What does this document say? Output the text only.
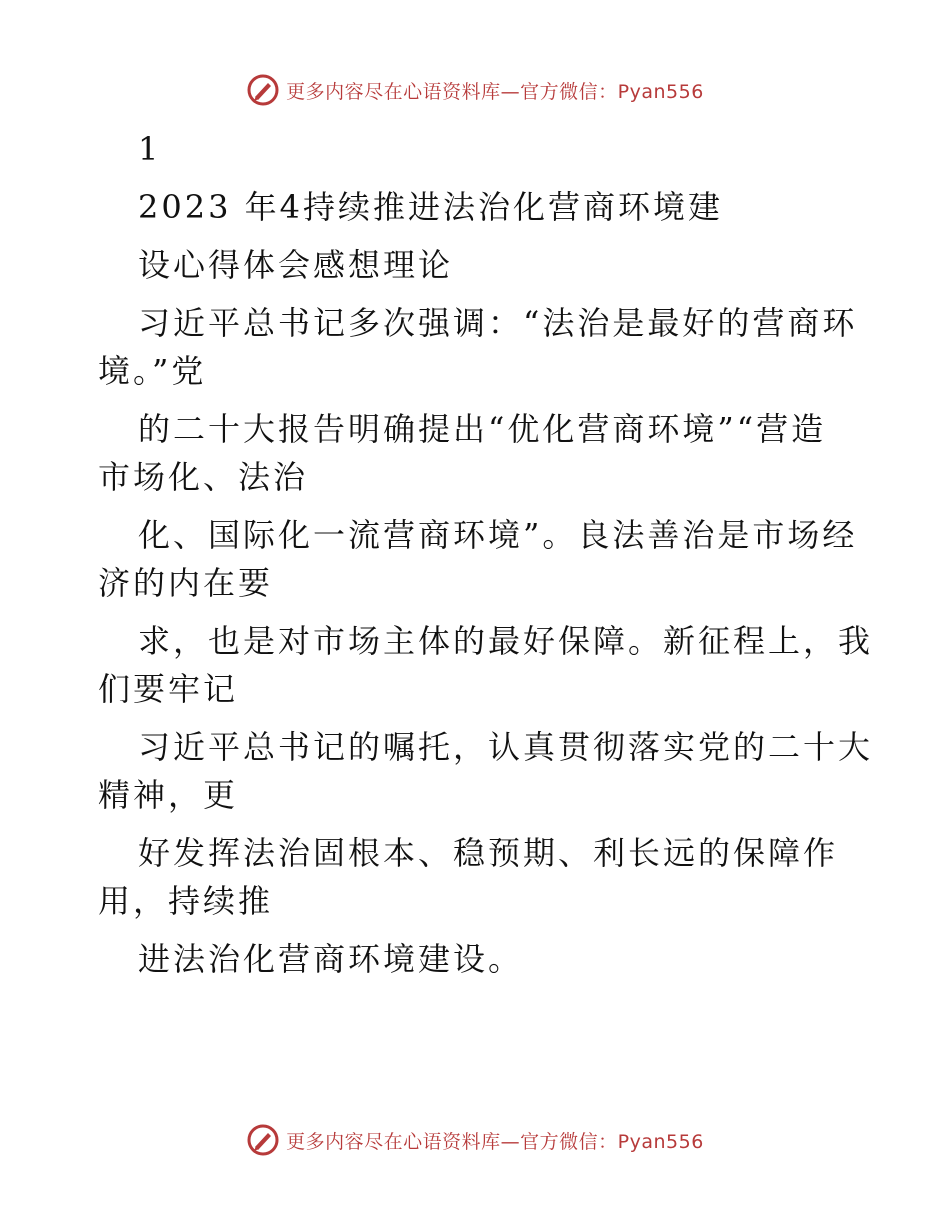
更多内容尽在心语资料库—官方微信：Pyan556
1
2023 年4持续推进法治化营商环境建
设心得体会感想理论
习近平总书记多次强调：“法治是最好的营商环
境。”党
的二十大报告明确提出“优化营商环境”“营造
市场化、法治
化、国际化一流营商环境”。良法善治是市场经
济的内在要
求，也是对市场主体的最好保障。新征程上，我
们要牢记
习近平总书记的嘱托，认真贯彻落实党的二十大
精神，更
好发挥法治固根本、稳预期、利长远的保障作
用，持续推
进法治化营商环境建设。
更多内容尽在心语资料库—官方微信：Pyan556
